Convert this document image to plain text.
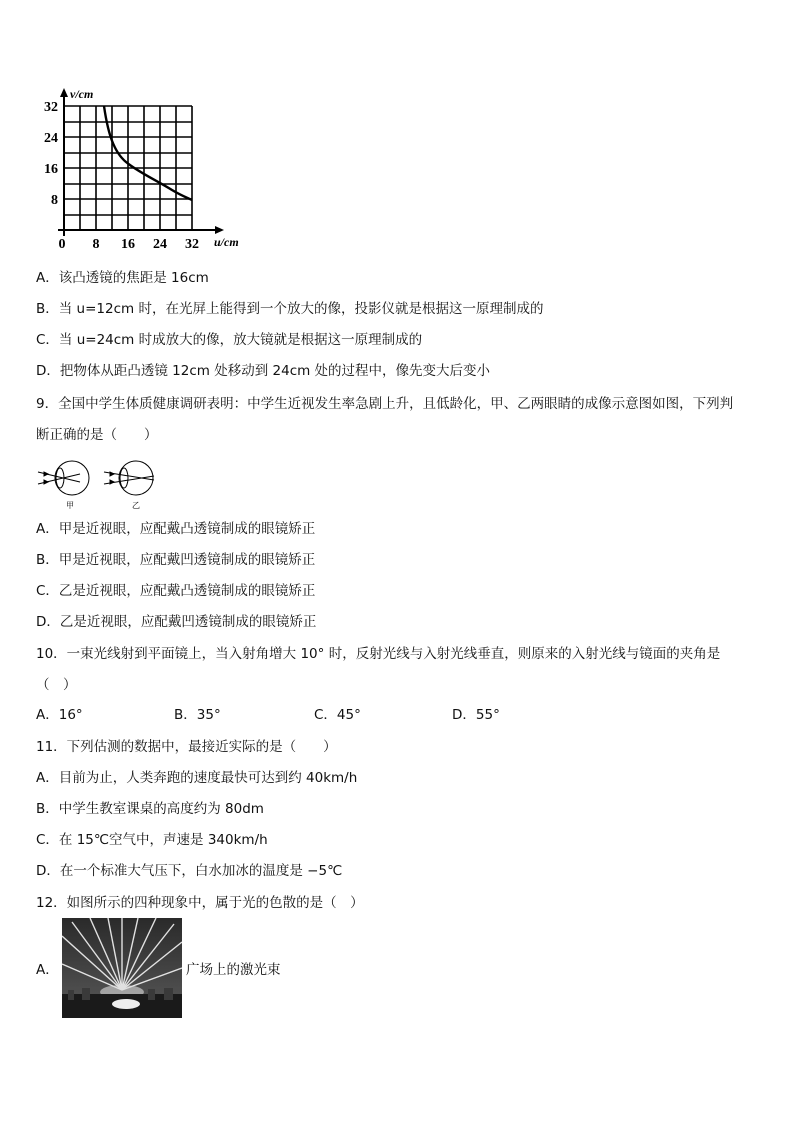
v/cm
u/cm
32
24
16
8
0 8 16 24 32
A．该凸透镜的焦距是 16cm
B．当 u=12cm 时，在光屏上能得到一个放大的像，投影仪就是根据这一原理制成的
C．当 u=24cm 时成放大的像，放大镜就是根据这一原理制成的
D．把物体从距凸透镜 12cm 处移动到 24cm 处的过程中，像先变大后变小
9．全国中学生体质健康调研表明：中学生近视发生率急剧上升，且低龄化，甲、乙两眼睛的成像示意图如图，下列判
断正确的是（　　）
甲	乙
A．甲是近视眼，应配戴凸透镜制成的眼镜矫正
B．甲是近视眼，应配戴凹透镜制成的眼镜矫正
C．乙是近视眼，应配戴凸透镜制成的眼镜矫正
D．乙是近视眼，应配戴凹透镜制成的眼镜矫正
10．一束光线射到平面镜上，当入射角增大 10° 时，反射光线与入射光线垂直，则原来的入射光线与镜面的夹角是
（　）
A．16°	B．35°	C．45°	D．55°
11．下列估测的数据中，最接近实际的是（　　）
A．目前为止，人类奔跑的速度最快可达到约 40km/h
B．中学生教室课桌的高度约为 80dm
C．在 15℃空气中，声速是 340km/h
D．在一个标准大气压下，白水加冰的温度是 −5℃
12．如图所示的四种现象中，属于光的色散的是（　）
A．	广场上的激光束
